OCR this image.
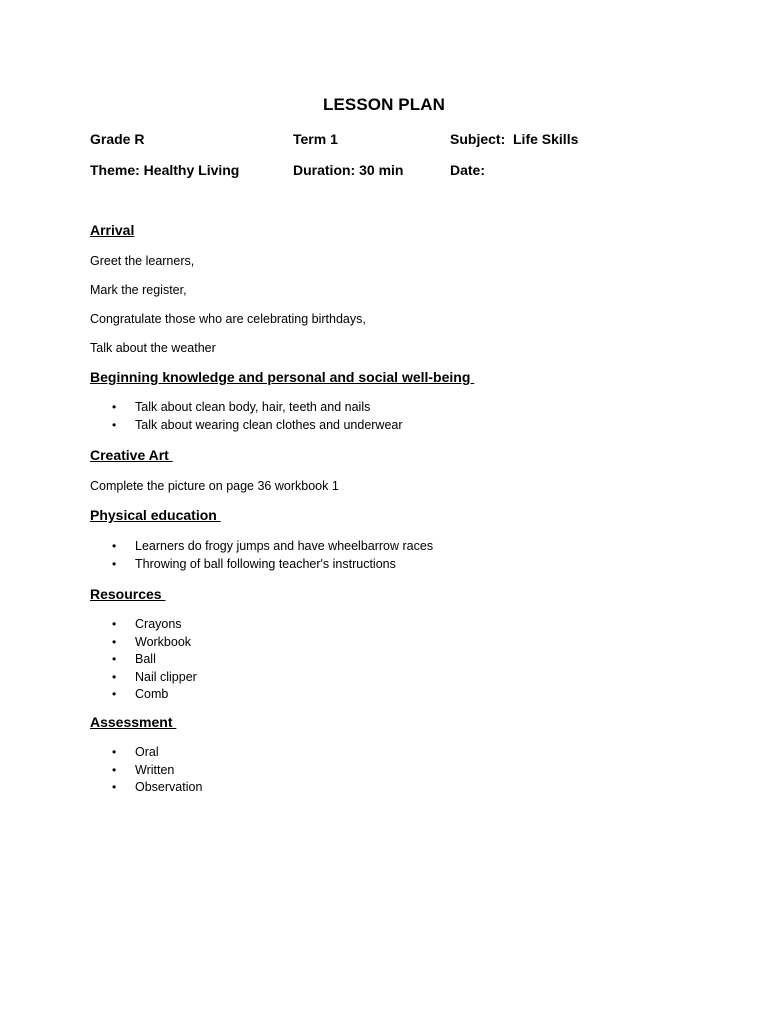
LESSON PLAN
Grade R	Term 1	Subject:  Life Skills
Theme: Healthy Living	Duration: 30 min	Date:
Arrival
Greet the learners,
Mark the register,
Congratulate those who are celebrating birthdays,
Talk about the weather
Beginning knowledge and personal and social well-being
• Talk about clean body, hair, teeth and nails
• Talk about wearing clean clothes and underwear
Creative Art
Complete the picture on page 36 workbook 1
Physical education
• Learners do frogy jumps and have wheelbarrow races
• Throwing of ball following teacher's instructions
Resources
• Crayons
• Workbook
• Ball
• Nail clipper
• Comb
Assessment
• Oral
• Written
• Observation
